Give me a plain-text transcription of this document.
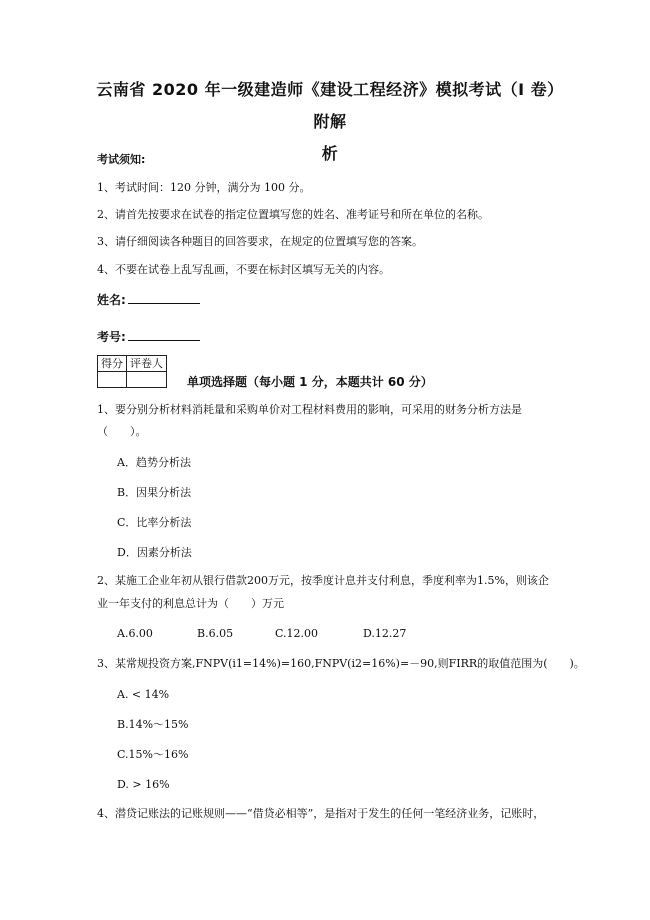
云南省 2020 年一级建造师《建设工程经济》模拟考试（I 卷） 附解
析
考试须知:
1、考试时间：120 分钟，满分为 100 分。
2、请首先按要求在试卷的指定位置填写您的姓名、准考证号和所在单位的名称。
3、请仔细阅读各种题目的回答要求，在规定的位置填写您的答案。
4、不要在试卷上乱写乱画，不要在标封区填写无关的内容。
姓名:
考号:
得分	评卷人

单项选择题（每小题 1 分，本题共计 60 分）
1、要分别分析材料消耗量和采购单价对工程材料费用的影响，可采用的财务分析方法是
（　　）。
A．趋势分析法
B．因果分析法
C．比率分析法
D．因素分析法
2、某施工企业年初从银行借款200万元，按季度计息并支付利息，季度利率为1.5%，则该企
业一年支付的利息总计为（　　）万元
A.6.00	B.6.05	C.12.00	D.12.27
3、某常规投资方案,FNPV(i1=14%)=160,FNPV(i2=16%)=－90,则FIRR的取值范围为(　　)。
A. < 14%
B.14%～15%
C.15%～16%
D. > 16%
4、潜贷记账法的记账规则——“借贷必相等”，是指对于发生的任何一笔经济业务，记账时，
